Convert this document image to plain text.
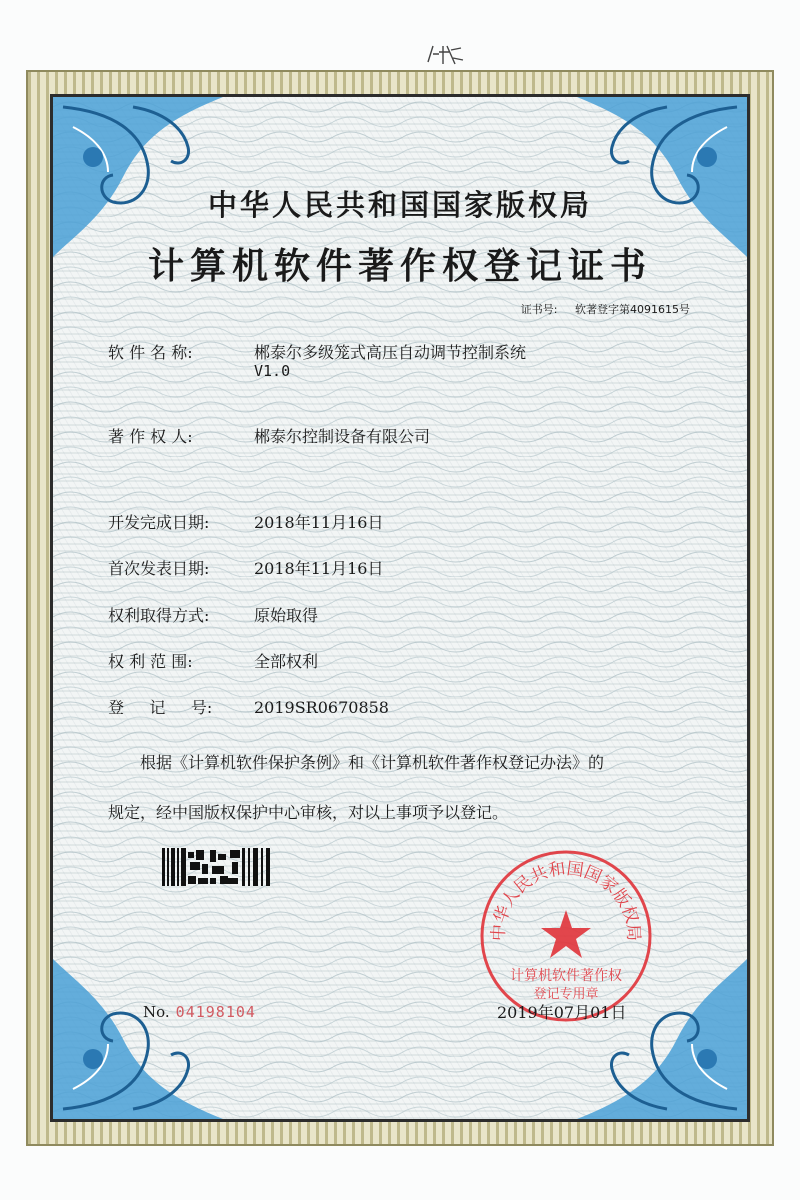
中华人民共和国国家版权局
计算机软件著作权登记证书
证书号: 软著登字第4091615号
软 件 名 称:	郴泰尔多级笼式高压自动调节控制系统
V1.0
著 作 权 人:	郴泰尔控制设备有限公司
开发完成日期:	2018年11月16日
首次发表日期:	2018年11月16日
权利取得方式:	原始取得
权 利 范 围:	全部权利
登     记     号:	2019SR0670858
根据《计算机软件保护条例》和《计算机软件著作权登记办法》的
规定，经中国版权保护中心审核，对以上事项予以登记。
中华人民共和国国家版权局
计算机软件著作权
登记专用章
No. 04198104	2019年07月01日
